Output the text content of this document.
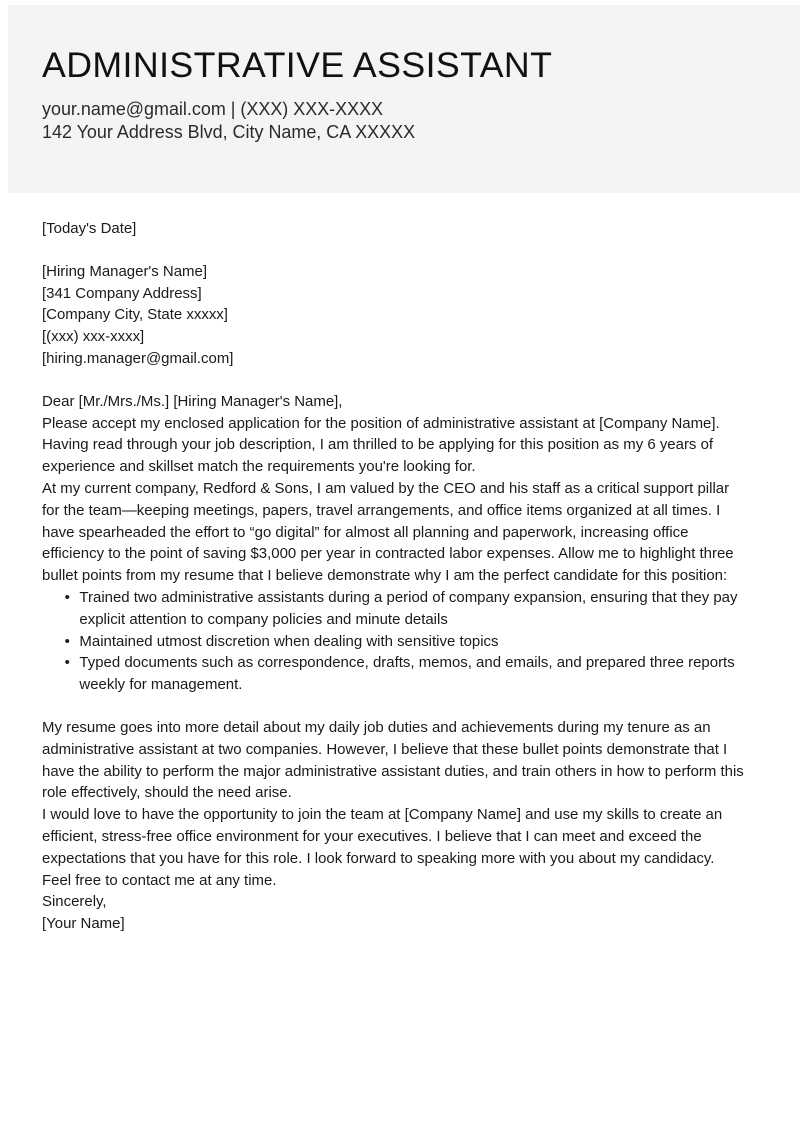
ADMINISTRATIVE ASSISTANT

your.name@gmail.com | (XXX) XXX-XXXX

142 Your Address Blvd, City Name, CA XXXXX

[Today's Date]

[Hiring Manager's Name]

[341 Company Address]

[Company City, State xxxxx]

[(xxx) xxx-xxxx]

[hiring.manager@gmail.com]

Dear [Mr./Mrs./Ms.] [Hiring Manager's Name],

Please accept my enclosed application for the position of administrative assistant at [Company Name]. Having read through your job description, I am thrilled to be applying for this position as my 6 years of experience and skillset match the requirements you're looking for.

At my current company, Redford & Sons, I am valued by the CEO and his staff as a critical support pillar for the team—keeping meetings, papers, travel arrangements, and office items organized at all times. I have spearheaded the effort to “go digital” for almost all planning and paperwork, increasing office efficiency to the point of saving $3,000 per year in contracted labor expenses. Allow me to highlight three bullet points from my resume that I believe demonstrate why I am the perfect candidate for this position:

• Trained two administrative assistants during a period of company expansion, ensuring that they pay explicit attention to company policies and minute details
• Maintained utmost discretion when dealing with sensitive topics
• Typed documents such as correspondence, drafts, memos, and emails, and prepared three reports weekly for management.

My resume goes into more detail about my daily job duties and achievements during my tenure as an administrative assistant at two companies. However, I believe that these bullet points demonstrate that I have the ability to perform the major administrative assistant duties, and train others in how to perform this role effectively, should the need arise.

I would love to have the opportunity to join the team at [Company Name] and use my skills to create an efficient, stress-free office environment for your executives. I believe that I can meet and exceed the expectations that you have for this role. I look forward to speaking more with you about my candidacy. Feel free to contact me at any time.

Sincerely,

[Your Name]
